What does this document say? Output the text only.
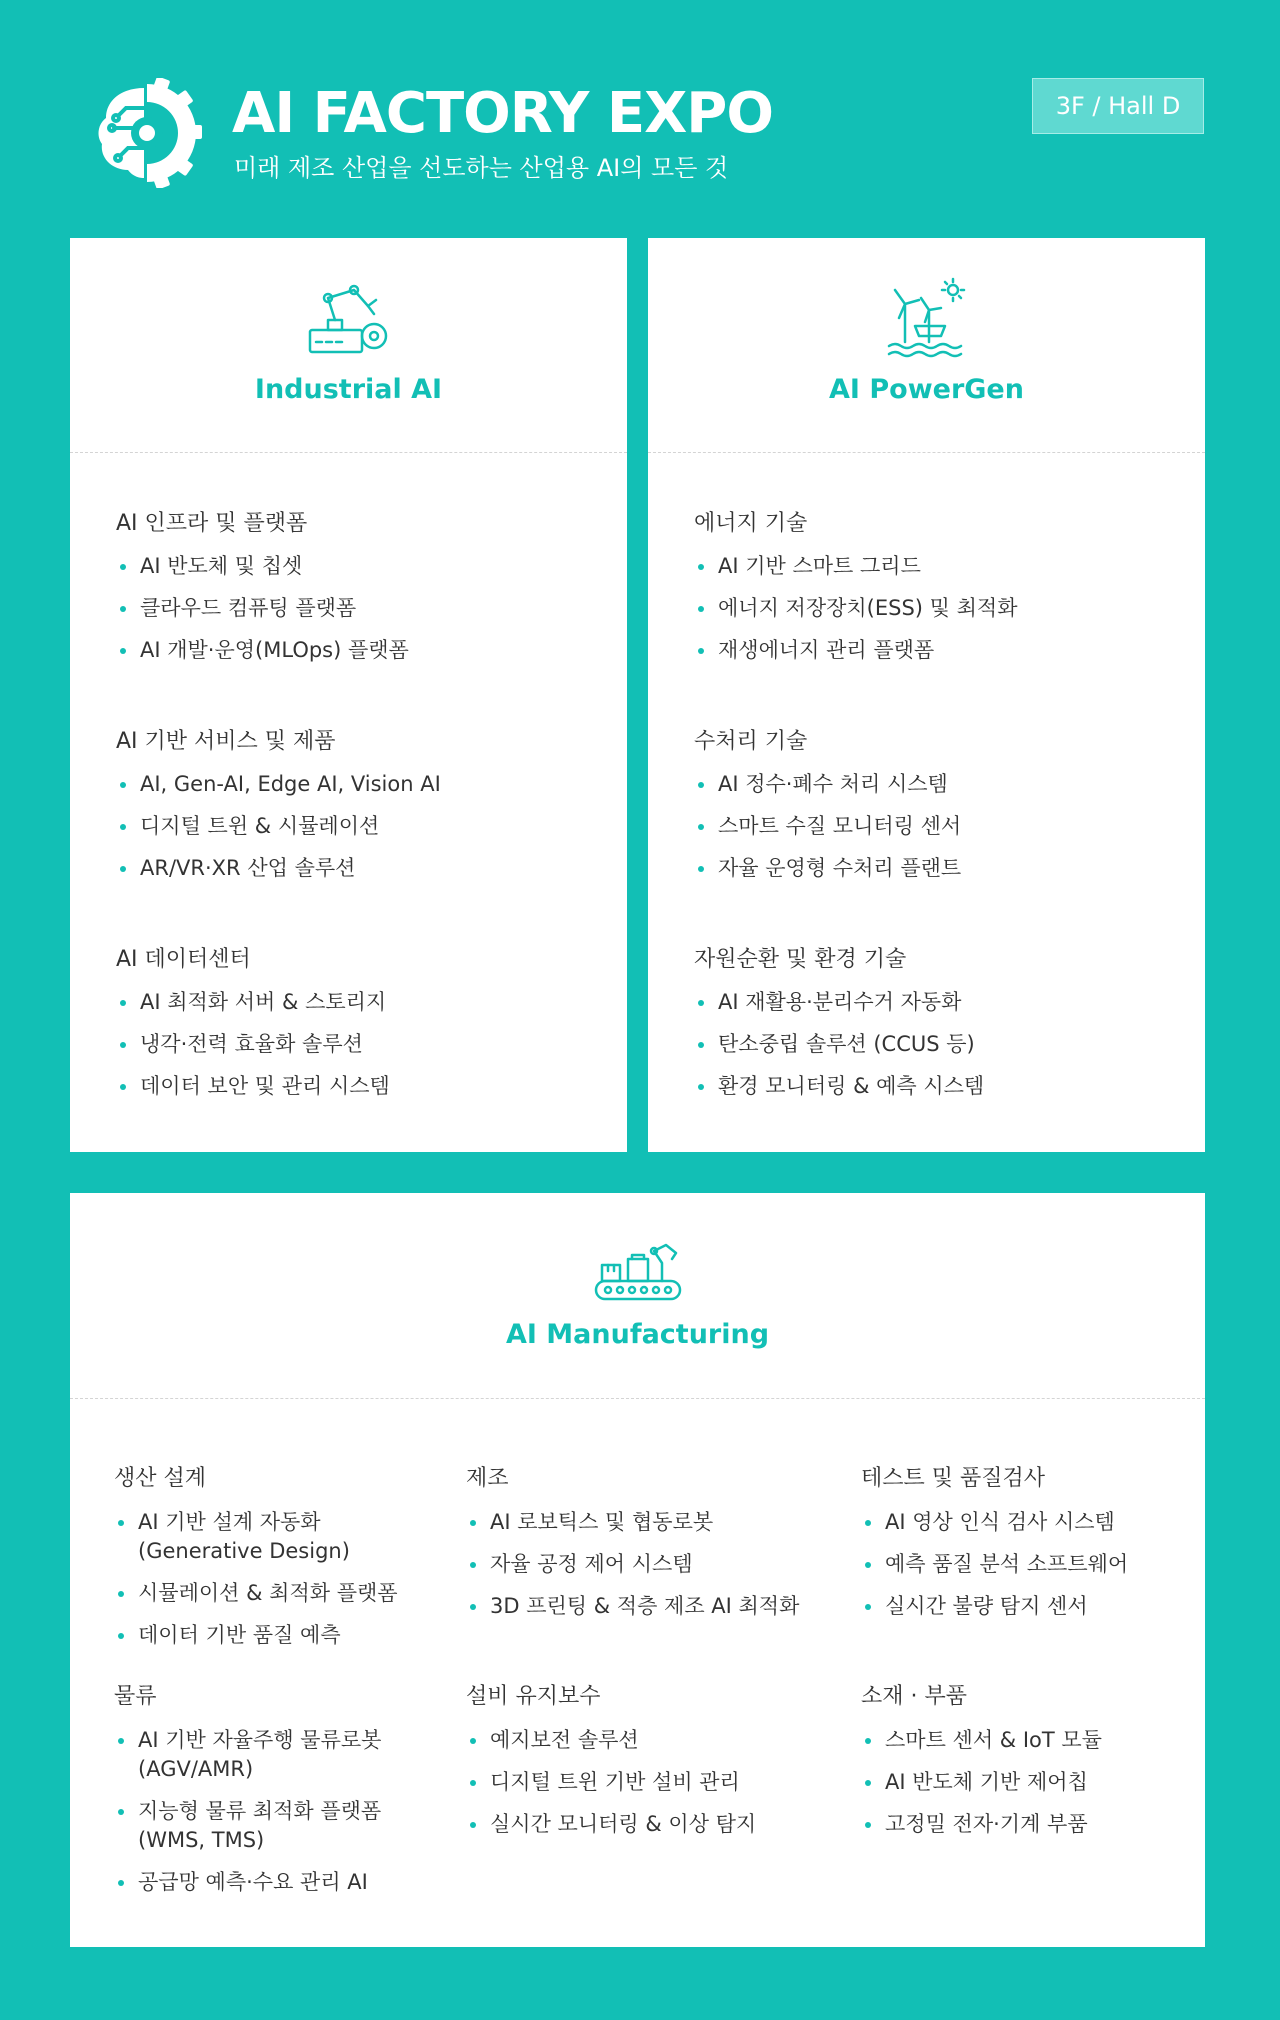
AI FACTORY EXPO
미래 제조 산업을 선도하는 산업용 AI의 모든 것
3F / Hall D
Industrial AI
AI 인프라 및 플랫폼
AI 반도체 및 칩셋
클라우드 컴퓨팅 플랫폼
AI 개발·운영(MLOps) 플랫폼
AI 기반 서비스 및 제품
AI, Gen-AI, Edge AI, Vision AI
디지털 트윈 & 시뮬레이션
AR/VR·XR 산업 솔루션
AI 데이터센터
AI 최적화 서버 & 스토리지
냉각·전력 효율화 솔루션
데이터 보안 및 관리 시스템
AI PowerGen
에너지 기술
AI 기반 스마트 그리드
에너지 저장장치(ESS) 및 최적화
재생에너지 관리 플랫폼
수처리 기술
AI 정수·폐수 처리 시스템
스마트 수질 모니터링 센서
자율 운영형 수처리 플랜트
자원순환 및 환경 기술
AI 재활용·분리수거 자동화
탄소중립 솔루션 (CCUS 등)
환경 모니터링 & 예측 시스템
AI Manufacturing
생산 설계
AI 기반 설계 자동화
(Generative Design)
시뮬레이션 & 최적화 플랫폼
데이터 기반 품질 예측
제조
AI 로보틱스 및 협동로봇
자율 공정 제어 시스템
3D 프린팅 & 적층 제조 AI 최적화
테스트 및 품질검사
AI 영상 인식 검사 시스템
예측 품질 분석 소프트웨어
실시간 불량 탐지 센서
물류
AI 기반 자율주행 물류로봇
(AGV/AMR)
지능형 물류 최적화 플랫폼
(WMS, TMS)
공급망 예측·수요 관리 AI
설비 유지보수
예지보전 솔루션
디지털 트윈 기반 설비 관리
실시간 모니터링 & 이상 탐지
소재 · 부품
스마트 센서 & IoT 모듈
AI 반도체 기반 제어칩
고정밀 전자·기계 부품
